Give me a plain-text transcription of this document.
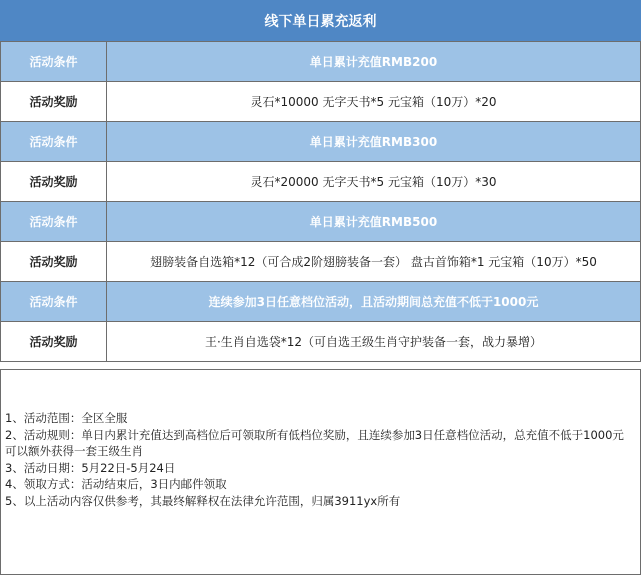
线下单日累充返利
活动条件	单日累计充值RMB200
活动奖励	灵石*10000 无字天书*5 元宝箱（10万）*20
活动条件	单日累计充值RMB300
活动奖励	灵石*20000 无字天书*5 元宝箱（10万）*30
活动条件	单日累计充值RMB500
活动奖励	翅膀装备自选箱*12（可合成2阶翅膀装备一套） 盘古首饰箱*1 元宝箱（10万）*50
活动条件	连续参加3日任意档位活动，且活动期间总充值不低于1000元
活动奖励	王·生肖自选袋*12（可自选王级生肖守护装备一套，战力暴增）
1、活动范围：全区全服
2、活动规则：单日内累计充值达到高档位后可领取所有低档位奖励，且连续参加3日任意档位活动，总充值不低于1000元可以额外获得一套王级生肖
3、活动日期：5月22日-5月24日
4、领取方式：活动结束后，3日内邮件领取
5、以上活动内容仅供参考，其最终解释权在法律允许范围，归属3911yx所有
